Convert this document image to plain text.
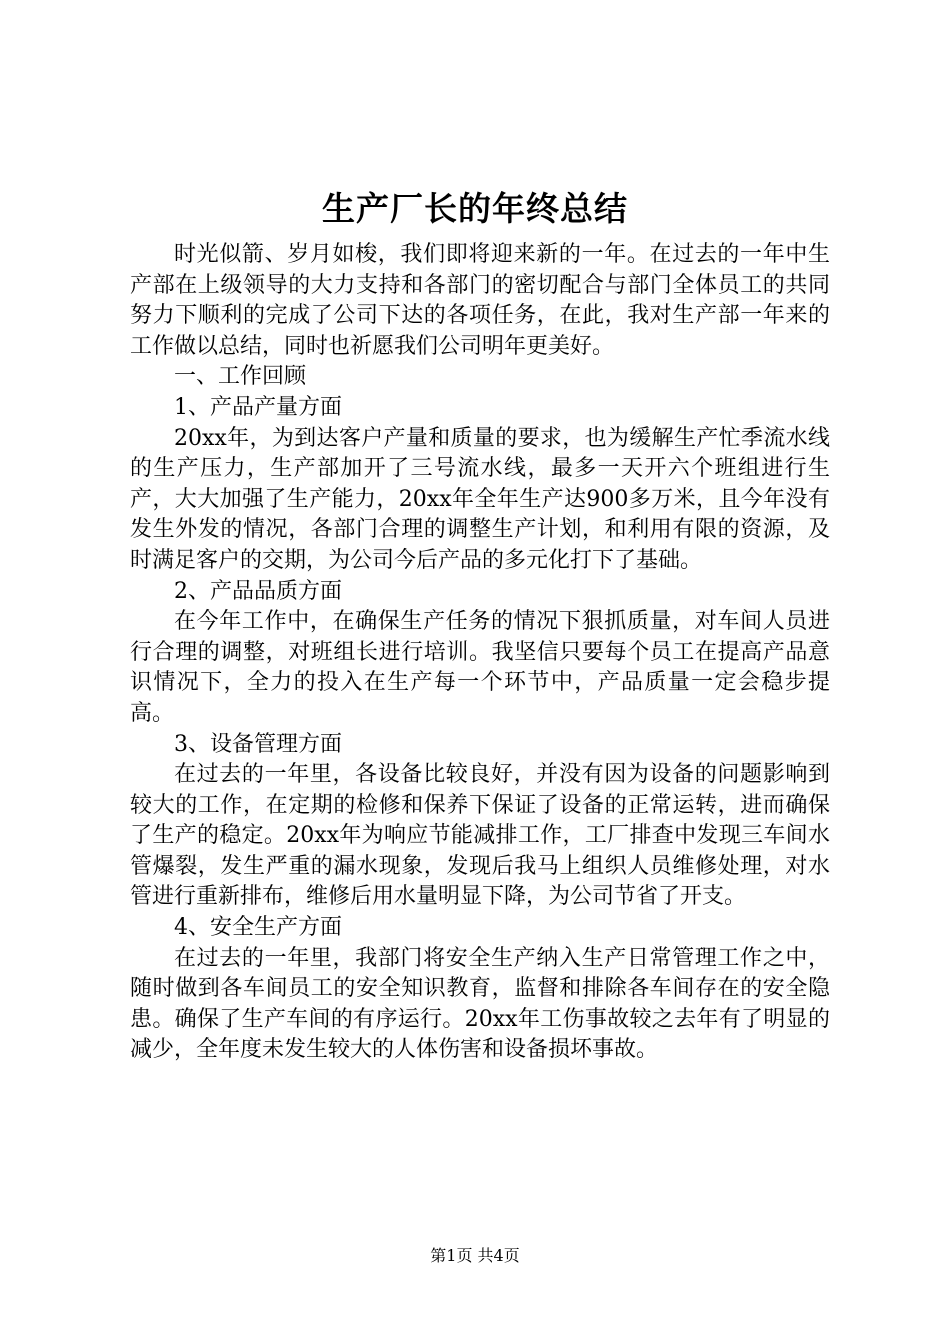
生产厂长的年终总结

时光似箭、岁月如梭，我们即将迎来新的一年。在过去的一年中生产部在上级领导的大力支持和各部门的密切配合与部门全体员工的共同努力下顺利的完成了公司下达的各项任务，在此，我对生产部一年来的工作做以总结，同时也祈愿我们公司明年更美好。

一、工作回顾

1、产品产量方面

20xx年，为到达客户产量和质量的要求，也为缓解生产忙季流水线的生产压力，生产部加开了三号流水线，最多一天开六个班组进行生产，大大加强了生产能力，20xx年全年生产达900多万米，且今年没有发生外发的情况，各部门合理的调整生产计划，和利用有限的资源，及时满足客户的交期，为公司今后产品的多元化打下了基础。

2、产品品质方面

在今年工作中，在确保生产任务的情况下狠抓质量，对车间人员进行合理的调整，对班组长进行培训。我坚信只要每个员工在提高产品意识情况下，全力的投入在生产每一个环节中，产品质量一定会稳步提高。

3、设备管理方面

在过去的一年里，各设备比较良好，并没有因为设备的问题影响到较大的工作，在定期的检修和保养下保证了设备的正常运转，进而确保了生产的稳定。20xx年为响应节能减排工作，工厂排查中发现三车间水管爆裂，发生严重的漏水现象，发现后我马上组织人员维修处理，对水管进行重新排布，维修后用水量明显下降，为公司节省了开支。

4、安全生产方面

在过去的一年里，我部门将安全生产纳入生产日常管理工作之中，随时做到各车间员工的安全知识教育，监督和排除各车间存在的安全隐患。确保了生产车间的有序运行。20xx年工伤事故较之去年有了明显的减少，全年度未发生较大的人体伤害和设备损坏事故。

第1页 共4页
